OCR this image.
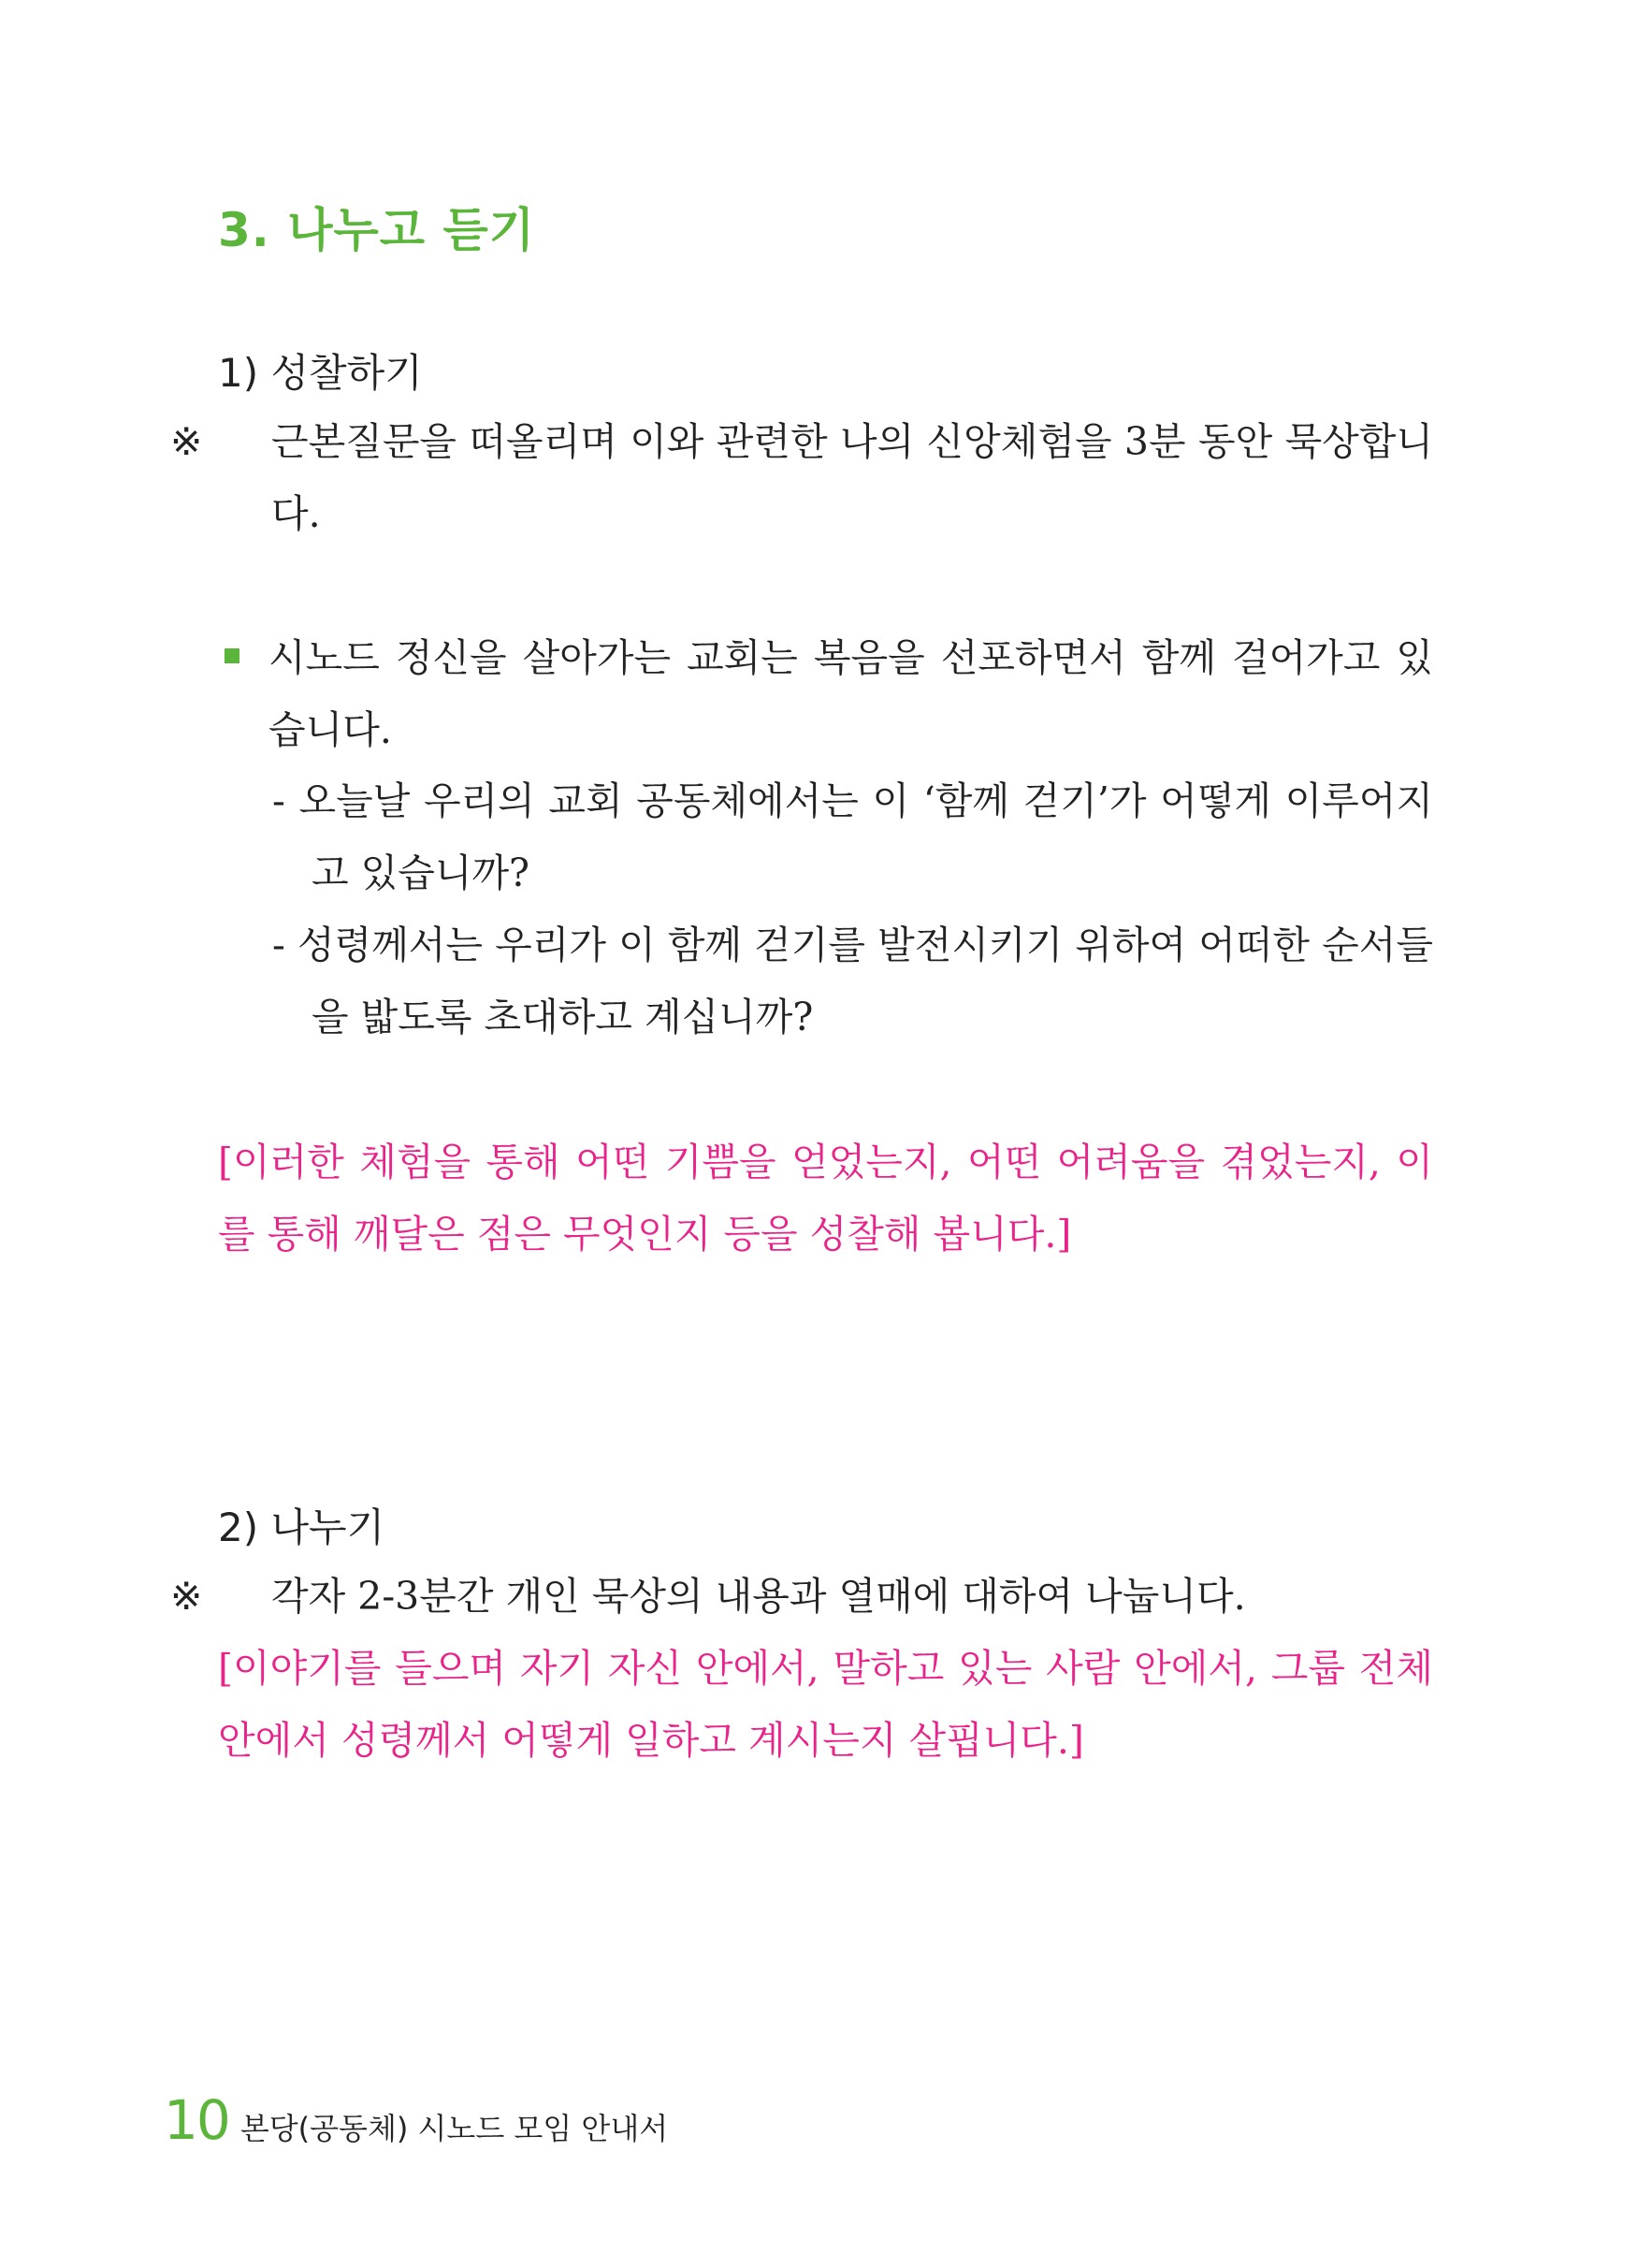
3. 나누고 듣기
1) 성찰하기
※ 근본질문을 떠올리며 이와 관련한 나의 신앙체험을 3분 동안 묵상합니다.
시노드 정신을 살아가는 교회는 복음을 선포하면서 함께 걸어가고 있습니다.
- 오늘날 우리의 교회 공동체에서는 이 ‘함께 걷기’가 어떻게 이루어지고 있습니까?
- 성령께서는 우리가 이 함께 걷기를 발전시키기 위하여 어떠한 순서들을 밟도록 초대하고 계십니까?
[이러한 체험을 통해 어떤 기쁨을 얻었는지, 어떤 어려움을 겪었는지, 이를 통해 깨달은 점은 무엇인지 등을 성찰해 봅니다.]
2) 나누기
※ 각자 2-3분간 개인 묵상의 내용과 열매에 대하여 나눕니다.
[이야기를 들으며 자기 자신 안에서, 말하고 있는 사람 안에서, 그룹 전체 안에서 성령께서 어떻게 일하고 계시는지 살핍니다.]
10 본당(공동체) 시노드 모임 안내서
